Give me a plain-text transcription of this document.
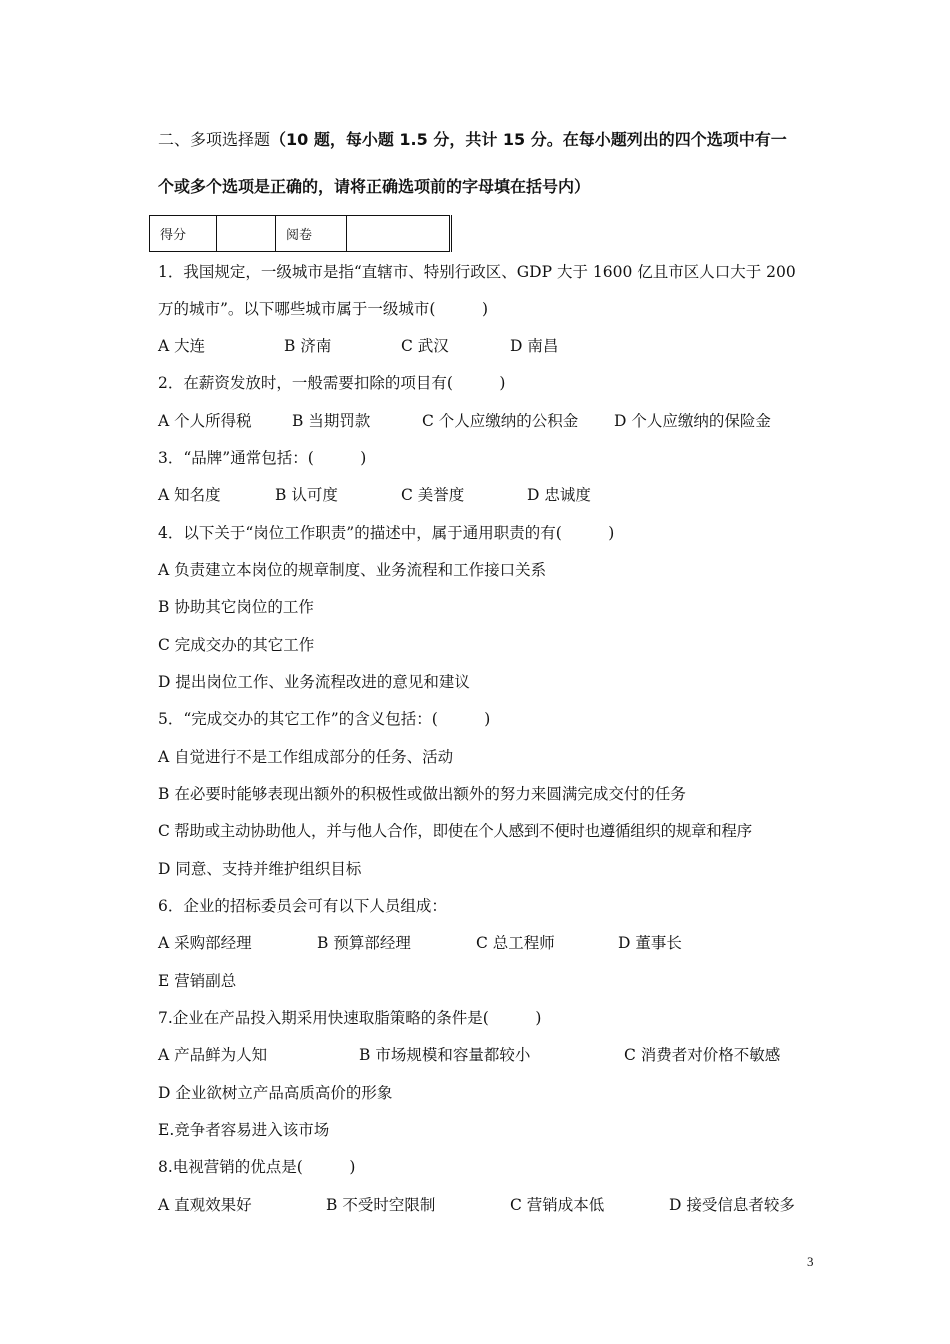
二、多项选择题（10 题，每小题 1.5 分，共计 15 分。在每小题列出的四个选项中有一
个或多个选项是正确的，请将正确选项前的字母填在括号内）
得分		阅卷	
1．我国规定，一级城市是指“直辖市、特别行政区、GDP 大于 1600 亿且市区人口大于 200
万的城市”。以下哪些城市属于一级城市(　　　)
A 大连	B 济南	C 武汉	D 南昌
2．在薪资发放时，一般需要扣除的项目有(　　　)
A 个人所得税	B 当期罚款	C 个人应缴纳的公积金 D 个人应缴纳的保险金
3．“品牌”通常包括：(　　　)
A 知名度	B 认可度	C 美誉度	D 忠诚度
4．以下关于“岗位工作职责”的描述中，属于通用职责的有(　　　)
A 负责建立本岗位的规章制度、业务流程和工作接口关系
B 协助其它岗位的工作
C 完成交办的其它工作
D 提出岗位工作、业务流程改进的意见和建议
5．“完成交办的其它工作”的含义包括：(　　　)
A 自觉进行不是工作组成部分的任务、活动
B 在必要时能够表现出额外的积极性或做出额外的努力来圆满完成交付的任务
C 帮助或主动协助他人，并与他人合作，即使在个人感到不便时也遵循组织的规章和程序
D 同意、支持并维护组织目标
6．企业的招标委员会可有以下人员组成：
A 采购部经理	B 预算部经理	C 总工程师	D 董事长
E 营销副总
7.企业在产品投入期采用快速取脂策略的条件是(　　　)
A 产品鲜为人知	B 市场规模和容量都较小	C 消费者对价格不敏感
D 企业欲树立产品高质高价的形象
E.竞争者容易进入该市场
8.电视营销的优点是(　　　)
A 直观效果好	B 不受时空限制	C 营销成本低	D 接受信息者较多
3
